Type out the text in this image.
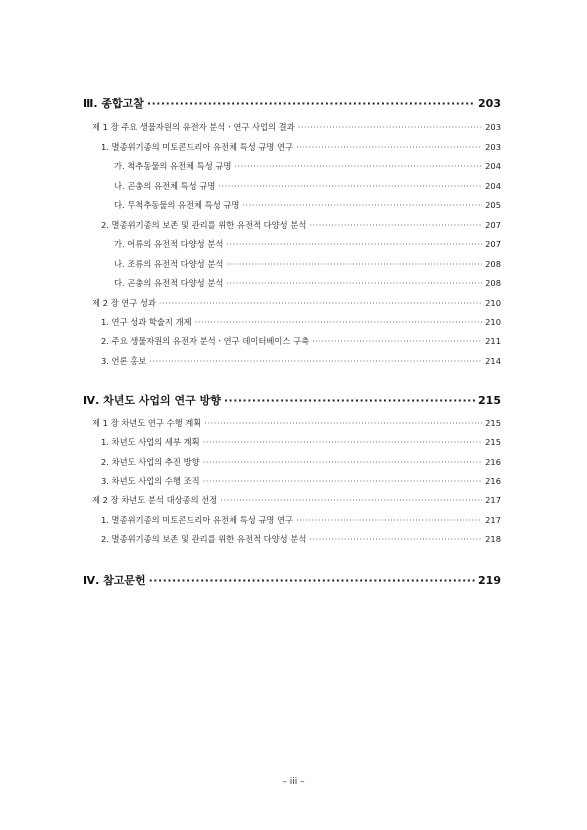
Ⅲ. 종합고찰 ·····	203
제 1 장 주요 생물자원의 유전자 분석ㆍ연구 사업의 결과 ·····	203
1. 멸종위기종의 미토콘드리아 유전체 특성 규명 연구 ·····	203
가. 척추동물의 유전체 특성 규명 ·····	204
나. 곤충의 유전체 특성 규명 ·····	204
다. 무척추동물의 유전체 특성 규명 ·····	205
2. 멸종위기종의 보존 및 관리를 위한 유전적 다양성 분석 ·····	207
가. 어류의 유전적 다양성 분석 ·····	207
나. 조류의 유전적 다양성 분석 ·····	208
다. 곤충의 유전적 다양성 분석 ·····	208
제 2 장 연구 성과 ·····	210
1. 연구 성과 학술지 개제 ·····	210
2. 주요 생물자원의 유전자 분석ㆍ연구 데이터베이스 구축 ·····	211
3. 언론 홍보 ·····	214
Ⅳ. 차년도 사업의 연구 방향 ·····	215
제 1 장 차년도 연구 수행 계획 ·····	215
1. 차년도 사업의 세부 계획 ·····	215
2. 차년도 사업의 추진 방향 ·····	216
3. 차년도 사업의 수행 조직 ·····	216
제 2 장 차년도 분석 대상종의 선정 ·····	217
1. 멸종위기종의 미토콘드리아 유전체 특성 규명 연구 ·····	217
2. 멸종위기종의 보존 및 관리를 위한 유전적 다양성 분석 ·····	218
Ⅳ. 참고문헌 ·····	219
– iii –
